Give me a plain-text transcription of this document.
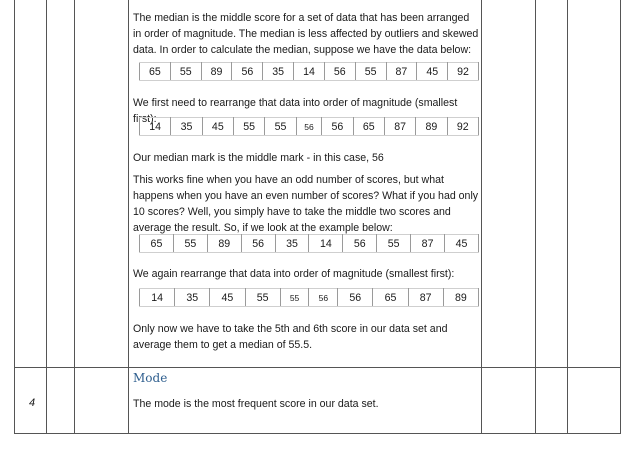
The median is the middle score for a set of data that has been arranged in order of magnitude. The median is less affected by outliers and skewed data. In order to calculate the median, suppose we have the data below:

65	55	89	56	35	14	56	55	87	45	92

We first need to rearrange that data into order of magnitude (smallest first):

14	35	45	55	55	56	56	65	87	89	92

Our median mark is the middle mark - in this case, 56

This works fine when you have an odd number of scores, but what happens when you have an even number of scores? What if you had only 10 scores? Well, you simply have to take the middle two scores and average the result. So, if we look at the example below:

65	55	89	56	35	14	56	55	87	45

We again rearrange that data into order of magnitude (smallest first):

14	35	45	55	55	56	56	65	87	89

Only now we have to take the 5th and 6th score in our data set and average them to get a median of 55.5.

4
Mode

The mode is the most frequent score in our data set.
